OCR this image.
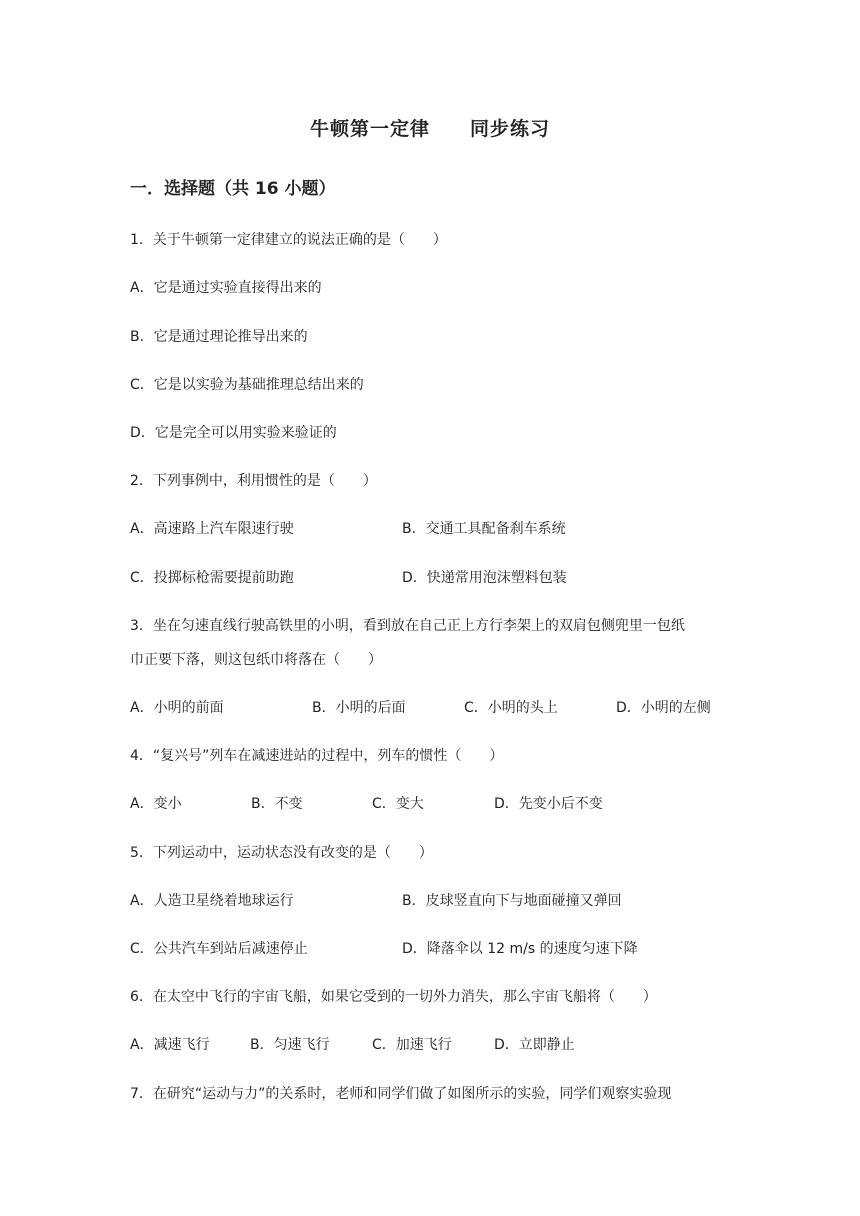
牛顿第一定律　　同步练习
一．选择题（共 16 小题）
1．关于牛顿第一定律建立的说法正确的是（　　）
A．它是通过实验直接得出来的
B．它是通过理论推导出来的
C．它是以实验为基础推理总结出来的
D．它是完全可以用实验来验证的
2．下列事例中，利用惯性的是（　　）
A．高速路上汽车限速行驶	B．交通工具配备刹车系统
C．投掷标枪需要提前助跑	D．快递常用泡沫塑料包装
3．坐在匀速直线行驶高铁里的小明，看到放在自己正上方行李架上的双肩包侧兜里一包纸
巾正要下落，则这包纸巾将落在（　　）
A．小明的前面	B．小明的后面	C．小明的头上	D．小明的左侧
4．“复兴号”列车在减速进站的过程中，列车的惯性（　　）
A．变小	B．不变	C．变大	D．先变小后不变
5．下列运动中，运动状态没有改变的是（　　）
A．人造卫星绕着地球运行	B．皮球竖直向下与地面碰撞又弹回
C．公共汽车到站后减速停止	D．降落伞以 12 m/s 的速度匀速下降
6．在太空中飞行的宇宙飞船，如果它受到的一切外力消失，那么宇宙飞船将（　　）
A．减速飞行	B．匀速飞行	C．加速飞行	D．立即静止
7．在研究“运动与力”的关系时，老师和同学们做了如图所示的实验，同学们观察实验现
